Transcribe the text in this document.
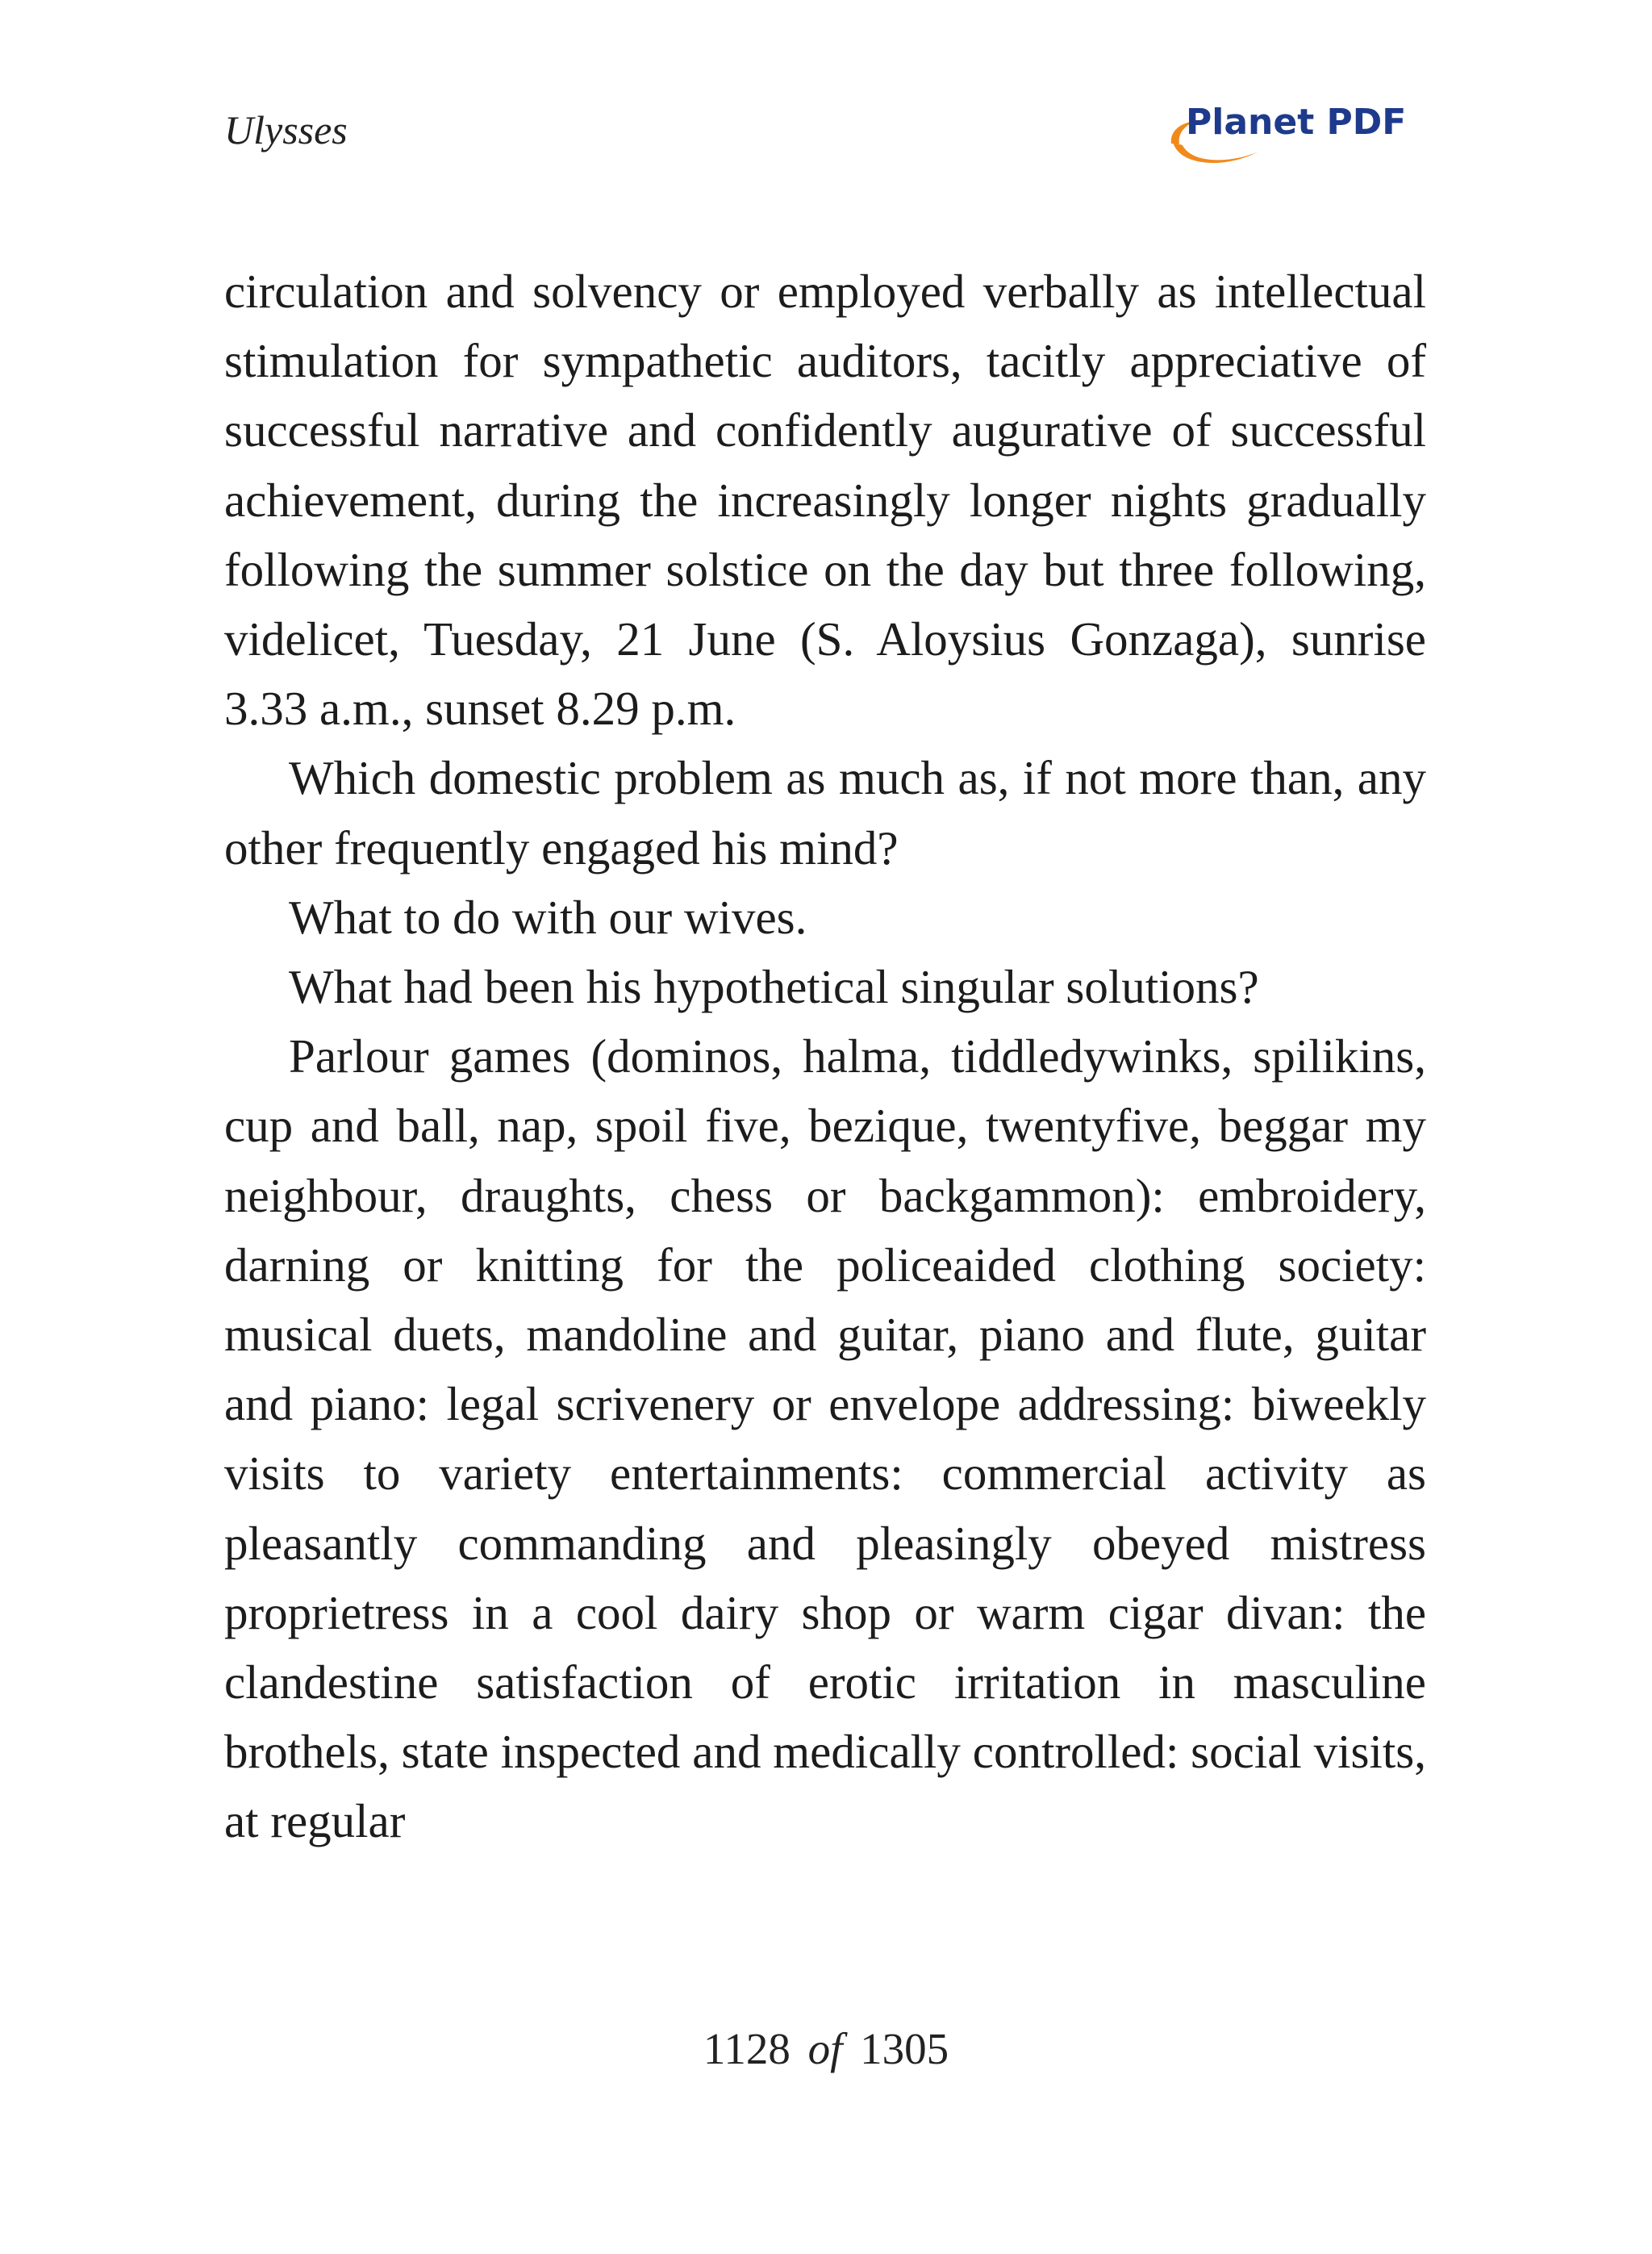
Ulysses	Planet PDF

circulation and solvency or employed verbally as intellectual stimulation for sympathetic auditors, tacitly appreciative of successful narrative and confidently augurative of successful achievement, during the increasingly longer nights gradually following the summer solstice on the day but three following, videlicet, Tuesday, 21 June (S. Aloysius Gonzaga), sunrise 3.33 a.m., sunset 8.29 p.m.

Which domestic problem as much as, if not more than, any other frequently engaged his mind?

What to do with our wives.

What had been his hypothetical singular solutions?

Parlour games (dominos, halma, tiddledywinks, spilikins, cup and ball, nap, spoil five, bezique, twentyfive, beggar my neighbour, draughts, chess or backgammon): embroidery, darning or knitting for the policeaided clothing society: musical duets, mandoline and guitar, piano and flute, guitar and piano: legal scrivenery or envelope addressing: biweekly visits to variety entertainments: commercial activity as pleasantly commanding and pleasingly obeyed mistress proprietress in a cool dairy shop or warm cigar divan: the clandestine satisfaction of erotic irritation in masculine brothels, state inspected and medically controlled: social visits, at regular

1128 of 1305
